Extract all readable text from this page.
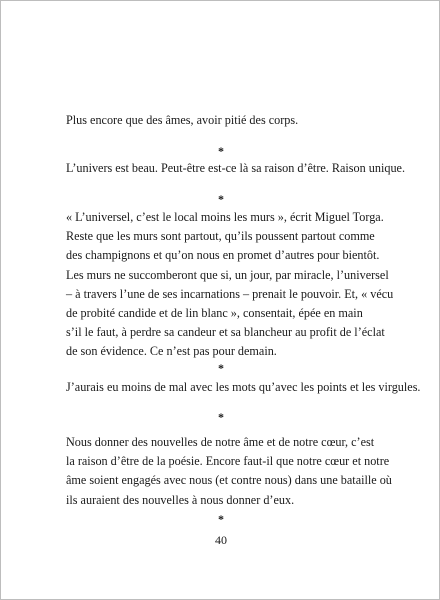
Plus encore que des âmes, avoir pitié des corps.
*
L’univers est beau. Peut-être est-ce là sa raison d’être. Raison unique.
*
« L’universel, c’est le local moins les murs », écrit Miguel Torga.
Reste que les murs sont partout, qu’ils poussent partout comme
des champignons et qu’on nous en promet d’autres pour bientôt.
Les murs ne succomberont que si, un jour, par miracle, l’universel
– à travers l’une de ses incarnations – prenait le pouvoir. Et, « vécu
de probité candide et de lin blanc », consentait, épée en main
s’il le faut, à perdre sa candeur et sa blancheur au profit de l’éclat
de son évidence. Ce n’est pas pour demain.
*
J’aurais eu moins de mal avec les mots qu’avec les points et les virgules.
*
Nous donner des nouvelles de notre âme et de notre cœur, c’est
la raison d’être de la poésie. Encore faut-il que notre cœur et notre
âme soient engagés avec nous (et contre nous) dans une bataille où
ils auraient des nouvelles à nous donner d’eux.
*
40
